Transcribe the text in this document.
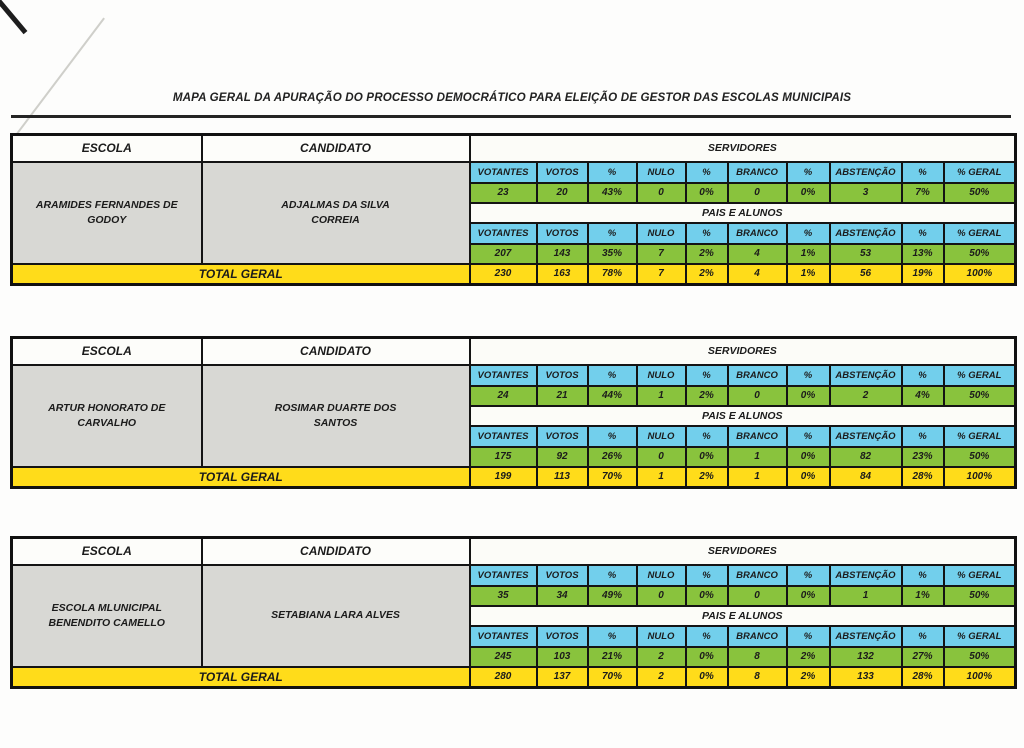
MAPA GERAL DA APURAÇÃO DO PROCESSO DEMOCRÁTICO PARA ELEIÇÃO DE GESTOR DAS ESCOLAS MUNICIPAIS
ESCOLA	CANDIDATO	SERVIDORES									
ARAMIDES FERNANDES DE GODOY	ADJALMAS DA SILVA CORREIA	VOTANTES	VOTOS	%	NULO	%	BRANCO	%	ABSTENÇÃO	%	% GERAL
		23	20	43%	0	0%	0	0%	3	7%	50%
		PAIS E ALUNOS									
		VOTANTES	VOTOS	%	NULO	%	BRANCO	%	ABSTENÇÃO	%	% GERAL
		207	143	35%	7	2%	4	1%	53	13%	50%
TOTAL GERAL		230	163	78%	7	2%	4	1%	56	19%	100%
ESCOLA	CANDIDATO	SERVIDORES									
ARTUR HONORATO DE CARVALHO	ROSIMAR DUARTE DOS SANTOS	VOTANTES	VOTOS	%	NULO	%	BRANCO	%	ABSTENÇÃO	%	% GERAL
		24	21	44%	1	2%	0	0%	2	4%	50%
		PAIS E ALUNOS									
		VOTANTES	VOTOS	%	NULO	%	BRANCO	%	ABSTENÇÃO	%	% GERAL
		175	92	26%	0	0%	1	0%	82	23%	50%
TOTAL GERAL		199	113	70%	1	2%	1	0%	84	28%	100%
ESCOLA	CANDIDATO	SERVIDORES									
ESCOLA MLUNICIPAL BENENDITO CAMELLO	SETABIANA LARA ALVES	VOTANTES	VOTOS	%	NULO	%	BRANCO	%	ABSTENÇÃO	%	% GERAL
		35	34	49%	0	0%	0	0%	1	1%	50%
		PAIS E ALUNOS									
		VOTANTES	VOTOS	%	NULO	%	BRANCO	%	ABSTENÇÃO	%	% GERAL
		245	103	21%	2	0%	8	2%	132	27%	50%
TOTAL GERAL		280	137	70%	2	0%	8	2%	133	28%	100%
